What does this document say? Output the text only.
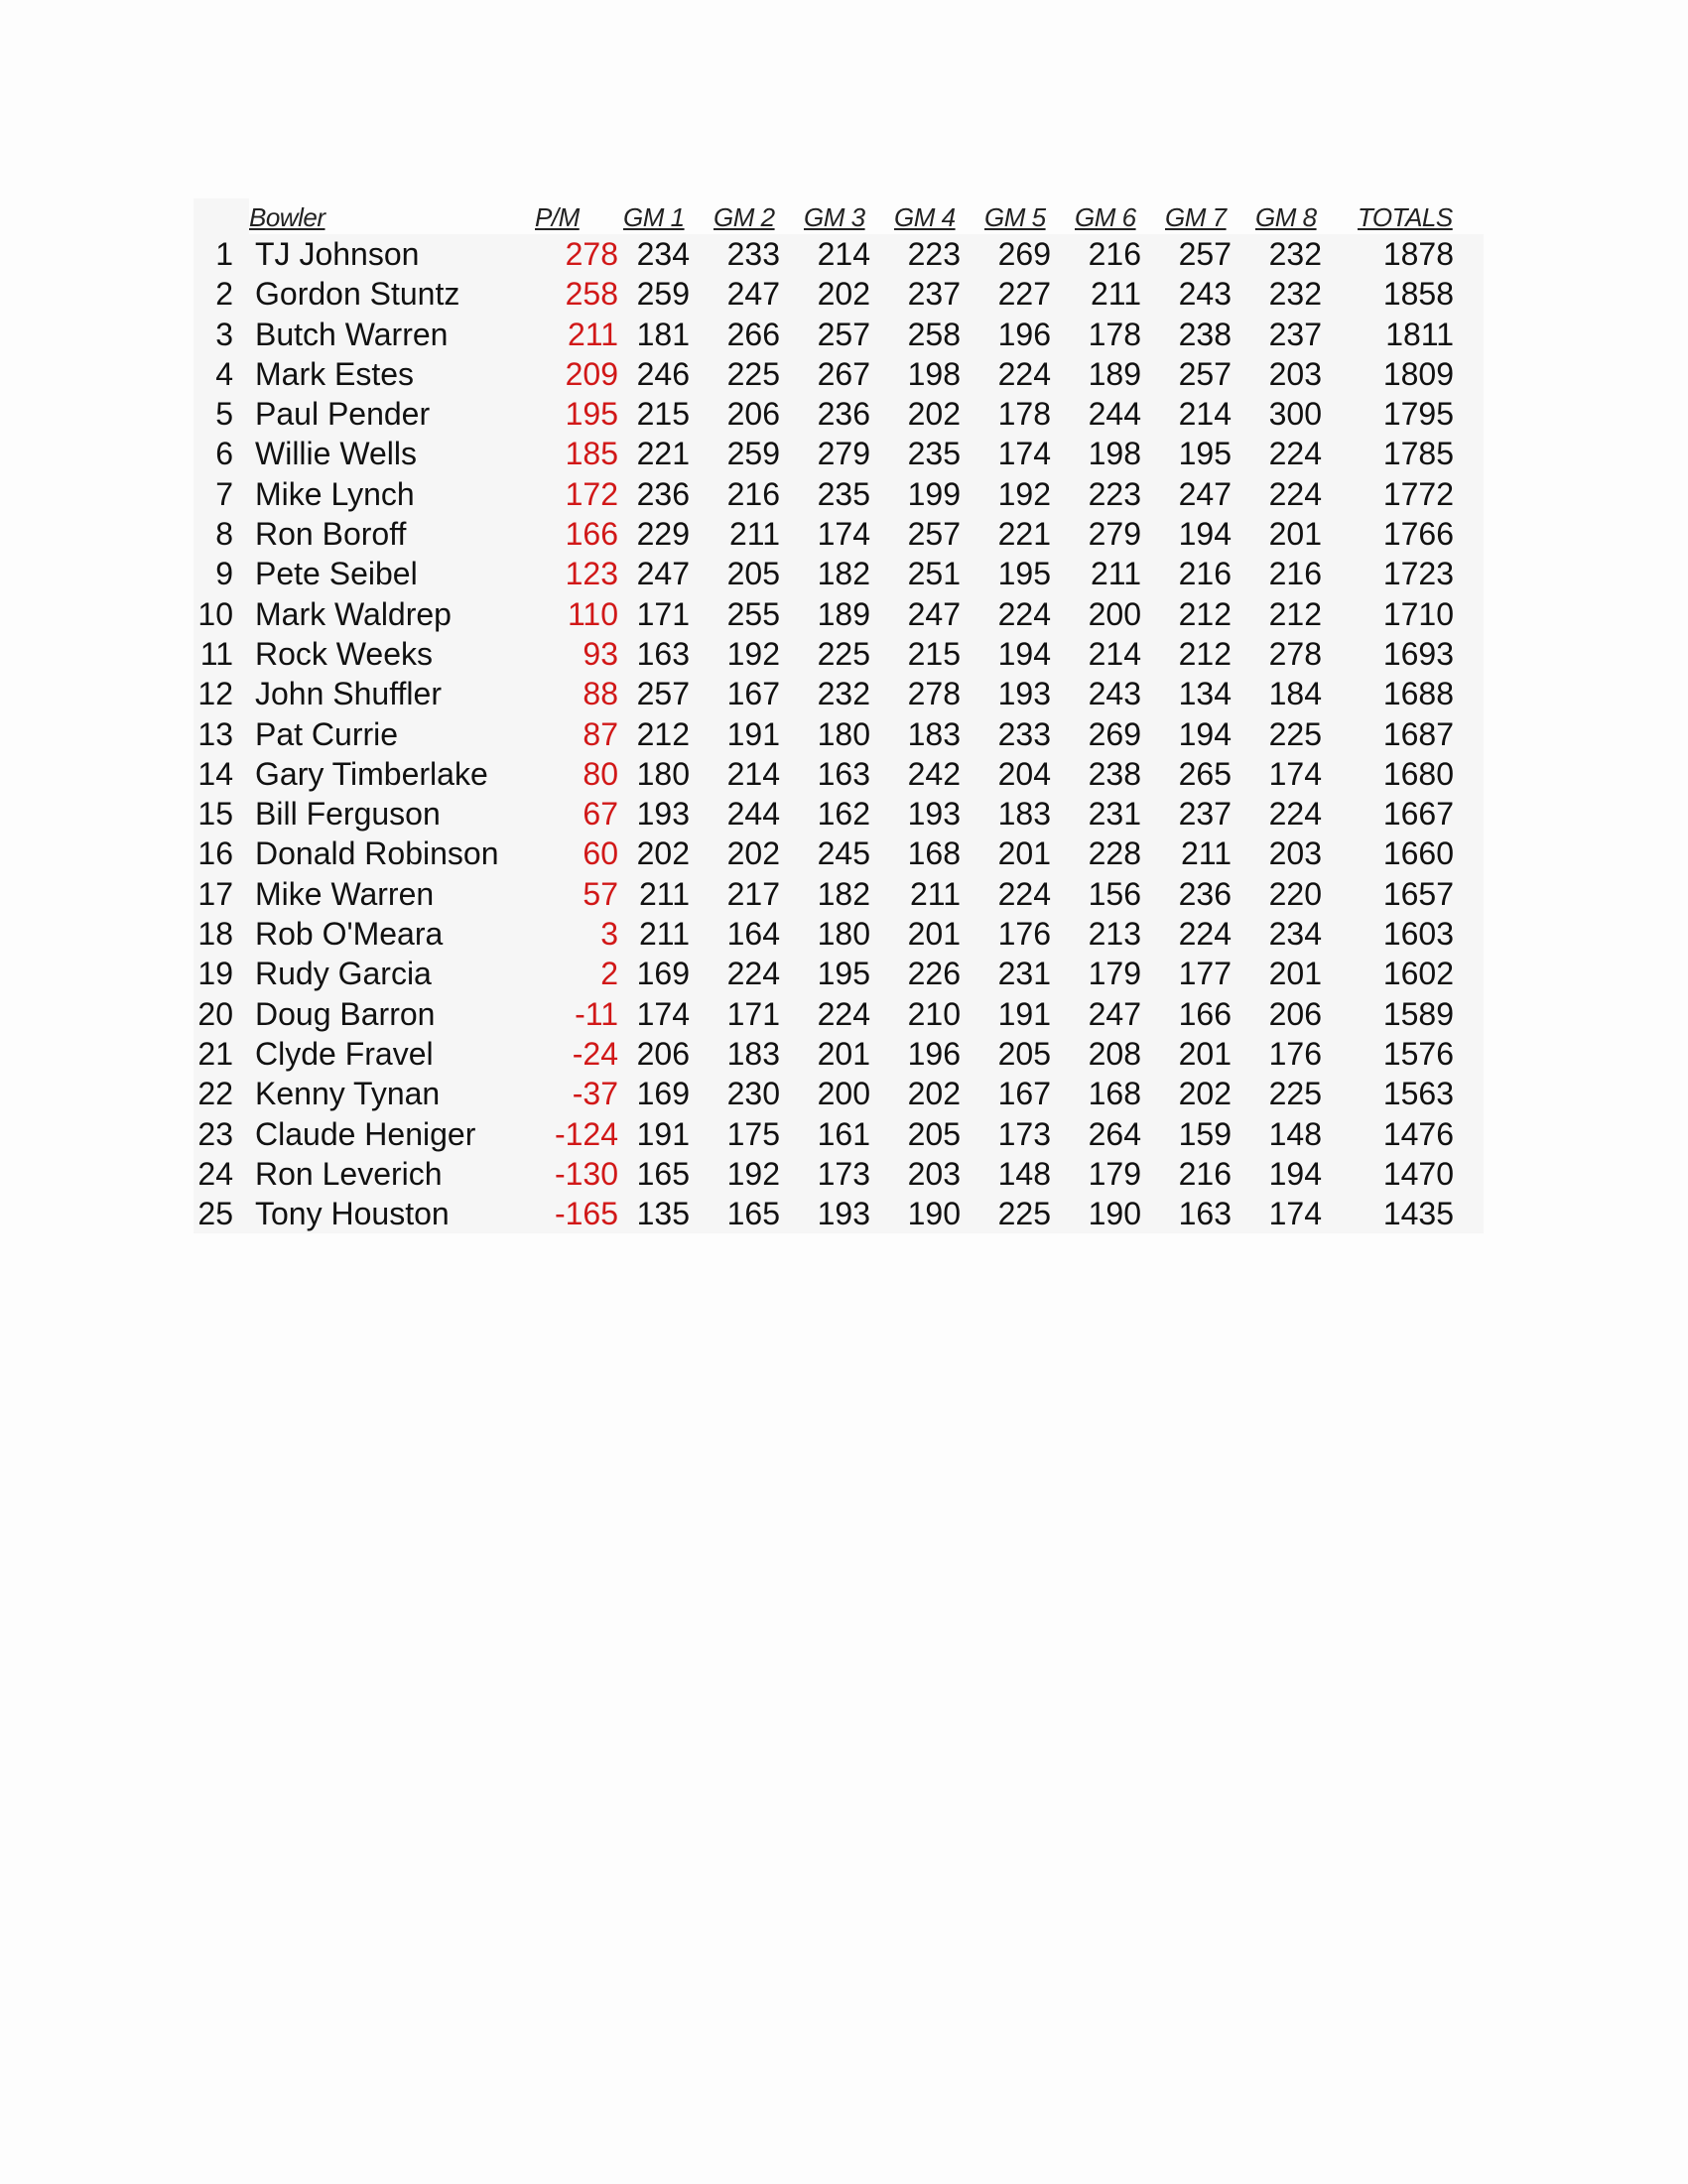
Bowler	P/M GM 1 GM 2 GM 3 GM 4 GM 5 GM 6 GM 7 GM 8 TOTALS
1 TJ Johnson	278 234	233	214	223	269	216	257	232	1878
2 Gordon Stuntz	258 259	247	202	237	227	211	243	232	1858
3 Butch Warren	211 181	266	257	258	196	178	238	237	1811
4 Mark Estes	209 246	225	267	198	224	189	257	203	1809
5 Paul Pender	195 215	206	236	202	178	244	214	300	1795
6 Willie Wells	185 221	259	279	235	174	198	195	224	1785
7 Mike Lynch	172 236	216	235	199	192	223	247	224	1772
8 Ron Boroff	166 229	211	174	257	221	279	194	201	1766
9 Pete Seibel	123 247	205	182	251	195	211	216	216	1723
10 Mark Waldrep	110 171	255	189	247	224	200	212	212	1710
11 Rock Weeks	93 163	192	225	215	194	214	212	278	1693
12 John Shuffler	88 257	167	232	278	193	243	134	184	1688
13 Pat Currie	87 212	191	180	183	233	269	194	225	1687
14 Gary Timberlake	80 180	214	163	242	204	238	265	174	1680
15 Bill Ferguson	67 193	244	162	193	183	231	237	224	1667
16 Donald Robinson	60 202	202	245	168	201	228	211	203	1660
17 Mike Warren	57 211	217	182	211	224	156	236	220	1657
18 Rob O'Meara	3 211	164	180	201	176	213	224	234	1603
19 Rudy Garcia	2 169	224	195	226	231	179	177	201	1602
20 Doug Barron	-11 174	171	224	210	191	247	166	206	1589
21 Clyde Fravel	-24 206	183	201	196	205	208	201	176	1576
22 Kenny Tynan	-37 169	230	200	202	167	168	202	225	1563
23 Claude Heniger	-124 191	175	161	205	173	264	159	148	1476
24 Ron Leverich	-130 165	192	173	203	148	179	216	194	1470
25 Tony Houston	-165 135	165	193	190	225	190	163	174	1435
